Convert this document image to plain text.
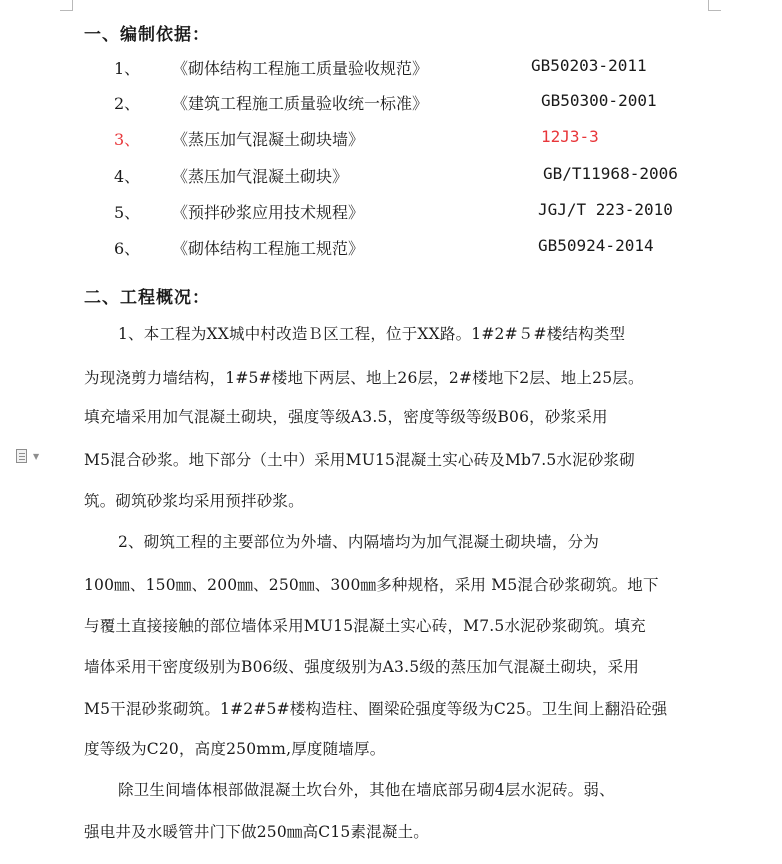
一、编制依据：
1、 《砌体结构工程施工质量验收规范》	GB50203-2011
2、 《建筑工程施工质量验收统一标准》	GB50300-2001
3、 《蒸压加气混凝土砌块墙》	12J3-3
4、 《蒸压加气混凝土砌块》	GB/T11968-2006
5、 《预拌砂浆应用技术规程》	JGJ/T 223-2010
6、 《砌体结构工程施工规范》	GB50924-2014
二、工程概况：
1、本工程为XX城中村改造Ｂ区工程，位于XX路。1#2#５#楼结构类型
为现浇剪力墙结构，1#5#楼地下两层、地上26层，2#楼地下2层、地上25层。
填充墙采用加气混凝土砌块，强度等级A3.5，密度等级等级B06，砂浆采用
M5混合砂浆。地下部分（土中）采用MU15混凝土实心砖及Mb7.5水泥砂浆砌
筑。砌筑砂浆均采用预拌砂浆。
2、砌筑工程的主要部位为外墙、内隔墙均为加气混凝土砌块墙，分为
100㎜、150㎜、200㎜、250㎜、300㎜多种规格，采用 M5混合砂浆砌筑。地下
与覆土直接接触的部位墙体采用MU15混凝土实心砖，M7.5水泥砂浆砌筑。填充
墙体采用干密度级别为B06级、强度级别为A3.5级的蒸压加气混凝土砌块，采用
M5干混砂浆砌筑。1#2#5#楼构造柱、圈梁砼强度等级为C25。卫生间上翻沿砼强
度等级为C20，高度250mm,厚度随墙厚。
除卫生间墙体根部做混凝土坎台外，其他在墙底部另砌4层水泥砖。弱、
强电井及水暖管井门下做250㎜高C15素混凝土。
▼
